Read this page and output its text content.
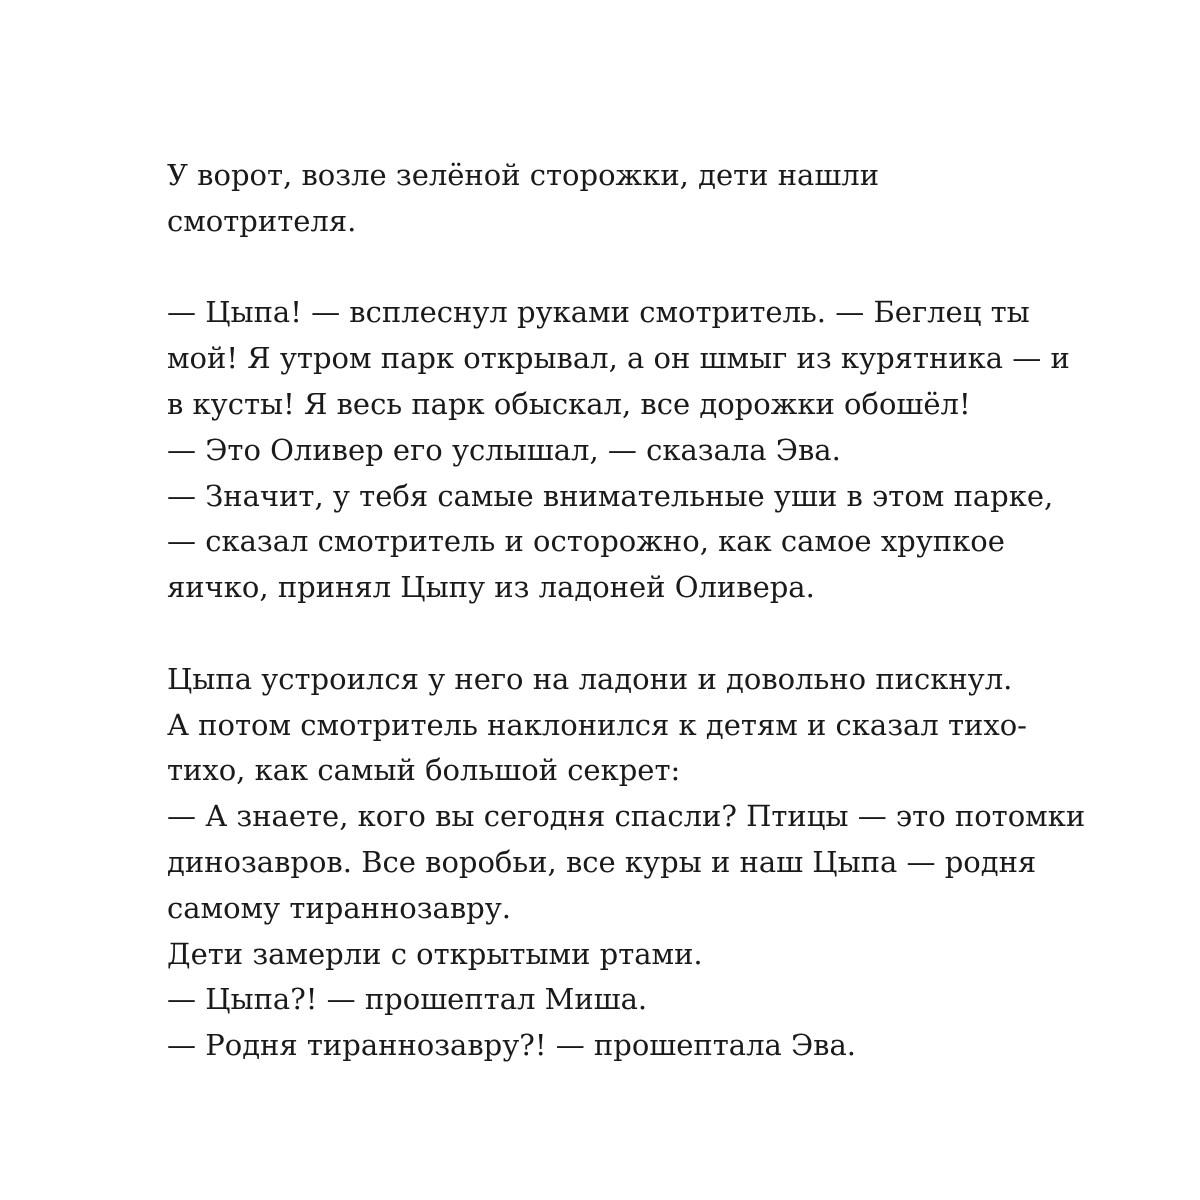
У ворот, возле зелёной сторожки, дети нашли
смотрителя.

— Цыпа! — всплеснул руками смотритель. — Беглец ты
мой! Я утром парк открывал, а он шмыг из курятника — и
в кусты! Я весь парк обыскал, все дорожки обошёл!
— Это Оливер его услышал, — сказала Эва.
— Значит, у тебя самые внимательные уши в этом парке,
— сказал смотритель и осторожно, как самое хрупкое
яичко, принял Цыпу из ладоней Оливера.

Цыпа устроился у него на ладони и довольно пискнул.
А потом смотритель наклонился к детям и сказал тихо-
тихо, как самый большой секрет:
— А знаете, кого вы сегодня спасли? Птицы — это потомки
динозавров. Все воробьи, все куры и наш Цыпа — родня
самому тираннозавру.
Дети замерли с открытыми ртами.
— Цыпа?! — прошептал Миша.
— Родня тираннозавру?! — прошептала Эва.
